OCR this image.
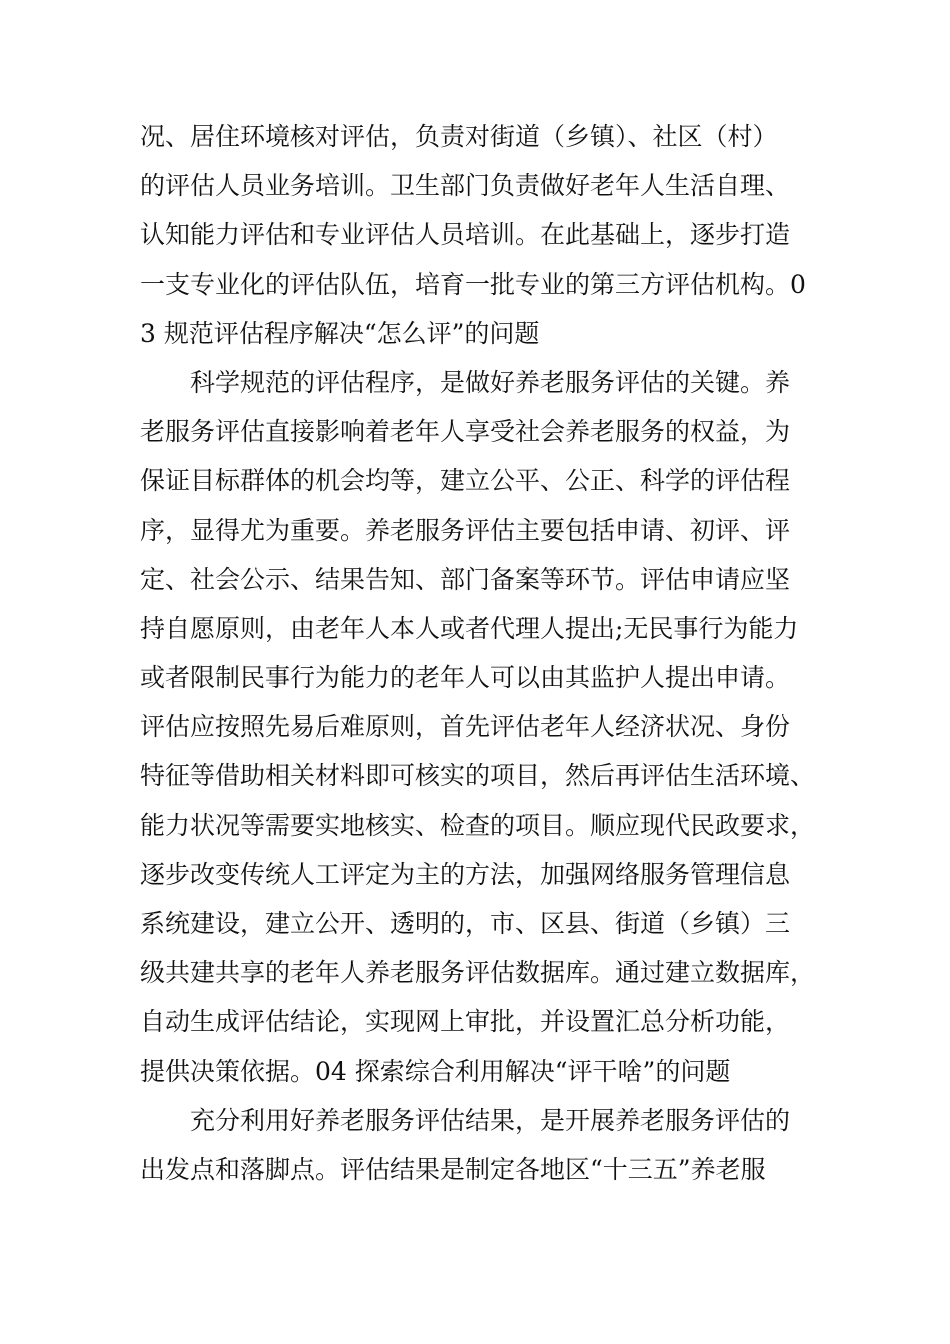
况、居住环境核对评估，负责对街道（乡镇）、社区（村）
的评估人员业务培训。卫生部门负责做好老年人生活自理、
认知能力评估和专业评估人员培训。在此基础上，逐步打造
一支专业化的评估队伍，培育一批专业的第三方评估机构。0
3 规范评估程序解决“怎么评”的问题
科学规范的评估程序，是做好养老服务评估的关键。养
老服务评估直接影响着老年人享受社会养老服务的权益，为
保证目标群体的机会均等，建立公平、公正、科学的评估程
序，显得尤为重要。养老服务评估主要包括申请、初评、评
定、社会公示、结果告知、部门备案等环节。评估申请应坚
持自愿原则，由老年人本人或者代理人提出;无民事行为能力
或者限制民事行为能力的老年人可以由其监护人提出申请。
评估应按照先易后难原则，首先评估老年人经济状况、身份
特征等借助相关材料即可核实的项目，然后再评估生活环境、
能力状况等需要实地核实、检查的项目。顺应现代民政要求，
逐步改变传统人工评定为主的方法，加强网络服务管理信息
系统建设，建立公开、透明的，市、区县、街道（乡镇）三
级共建共享的老年人养老服务评估数据库。通过建立数据库，
自动生成评估结论，实现网上审批，并设置汇总分析功能，
提供决策依据。04 探索综合利用解决“评干啥”的问题
充分利用好养老服务评估结果，是开展养老服务评估的
出发点和落脚点。评估结果是制定各地区“十三五”养老服
